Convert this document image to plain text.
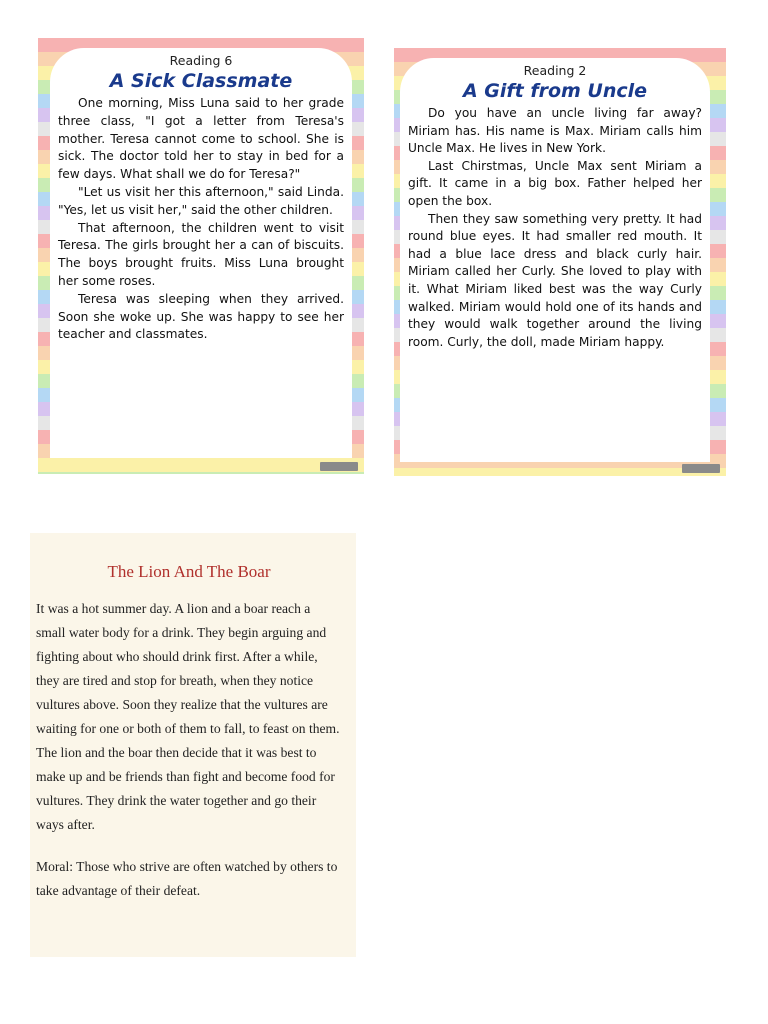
Reading 6
A Sick Classmate

One morning, Miss Luna said to her grade three class, "I got a letter from Teresa's mother. Teresa cannot come to school. She is sick. The doctor told her to stay in bed for a few days. What shall we do for Teresa?"

"Let us visit her this afternoon," said Linda. "Yes, let us visit her," said the other children.

That afternoon, the children went to visit Teresa. The girls brought her a can of biscuits. The boys brought fruits. Miss Luna brought her some roses.

Teresa was sleeping when they arrived. Soon she woke up. She was happy to see her teacher and classmates.

Reading 2
A Gift from Uncle

Do you have an uncle living far away? Miriam has. His name is Max. Miriam calls him Uncle Max. He lives in New York.

Last Chirstmas, Uncle Max sent Miriam a gift. It came in a big box. Father helped her open the box.

Then they saw something very pretty. It had round blue eyes. It had smaller red mouth. It had a blue lace dress and black curly hair. Miriam called her Curly. She loved to play with it. What Miriam liked best was the way Curly walked. Miriam would hold one of its hands and they would walk together around the living room. Curly, the doll, made Miriam happy.

The Lion And The Boar
It was a hot summer day. A lion and a boar reach a small water body for a drink. They begin arguing and fighting about who should drink first. After a while, they are tired and stop for breath, when they notice vultures above. Soon they realize that the vultures are waiting for one or both of them to fall, to feast on them. The lion and the boar then decide that it was best to make up and be friends than fight and become food for vultures. They drink the water together and go their ways after.
Moral: Those who strive are often watched by others to take advantage of their defeat.
